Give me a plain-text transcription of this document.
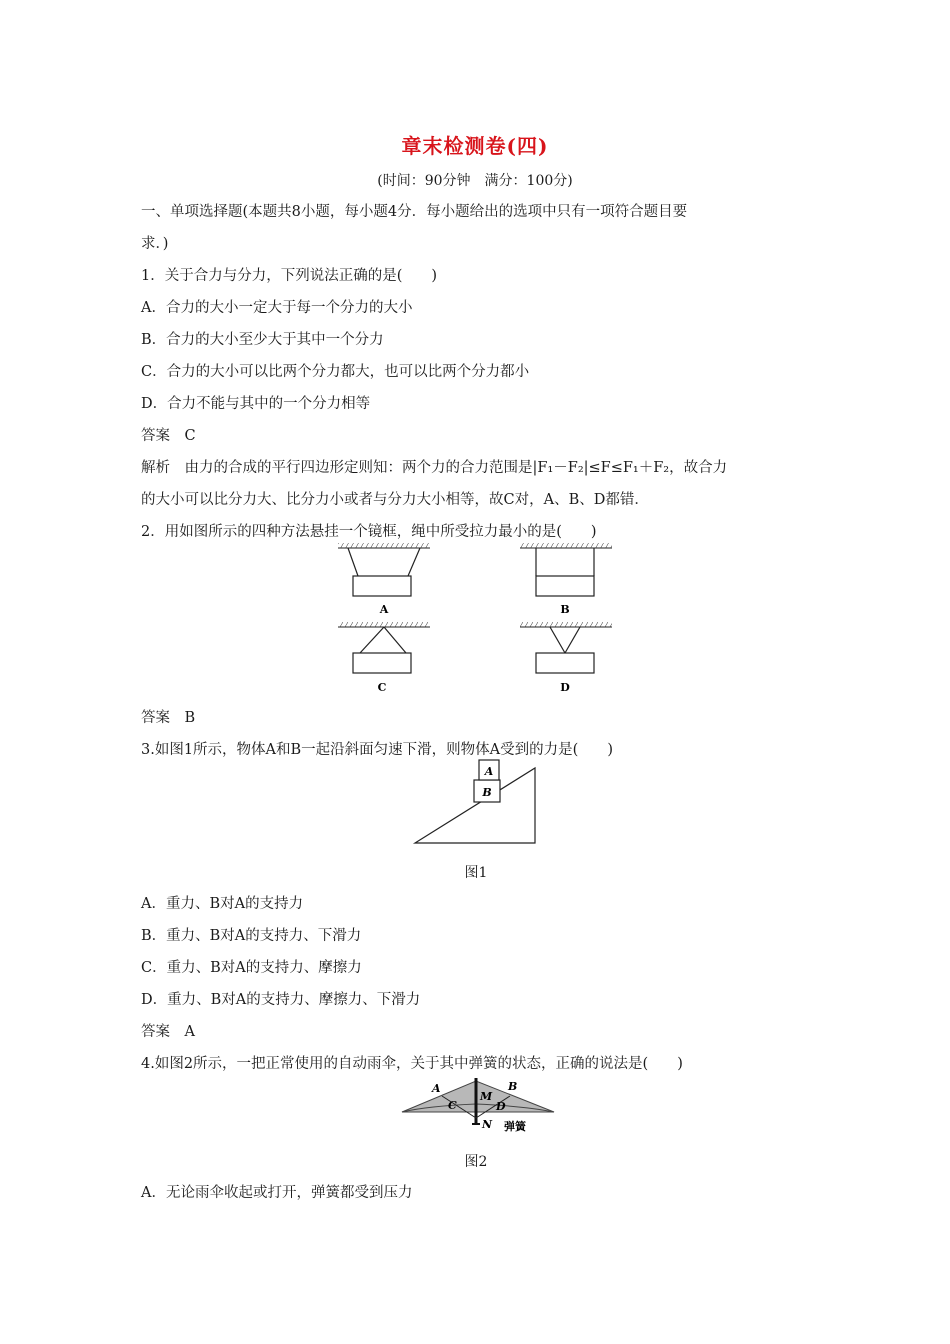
章末检测卷(四)
(时间：90分钟　满分：100分)
一、单项选择题(本题共8小题，每小题4分．每小题给出的选项中只有一项符合题目要
求．)
1．关于合力与分力，下列说法正确的是(　　)
A．合力的大小一定大于每一个分力的大小
B．合力的大小至少大于其中一个分力
C．合力的大小可以比两个分力都大，也可以比两个分力都小
D．合力不能与其中的一个分力相等
答案　C
解析　由力的合成的平行四边形定则知：两个力的合力范围是|F₁－F₂|≤F≤F₁＋F₂，故合力
的大小可以比分力大、比分力小或者与分力大小相等，故C对，A、B、D都错．
2．用如图所示的四种方法悬挂一个镜框，绳中所受拉力最小的是(　　)
A	B
C	D
答案　B
3.如图1所示，物体A和B一起沿斜面匀速下滑，则物体A受到的力是(　　)
A
B
图1
A．重力、B对A的支持力
B．重力、B对A的支持力、下滑力
C．重力、B对A的支持力、摩擦力
D．重力、B对A的支持力、摩擦力、下滑力
答案　A
4.如图2所示，一把正常使用的自动雨伞，关于其中弹簧的状态，正确的说法是(　　)
A	B
C
M
D
N 弹簧
图2
A．无论雨伞收起或打开，弹簧都受到压力
